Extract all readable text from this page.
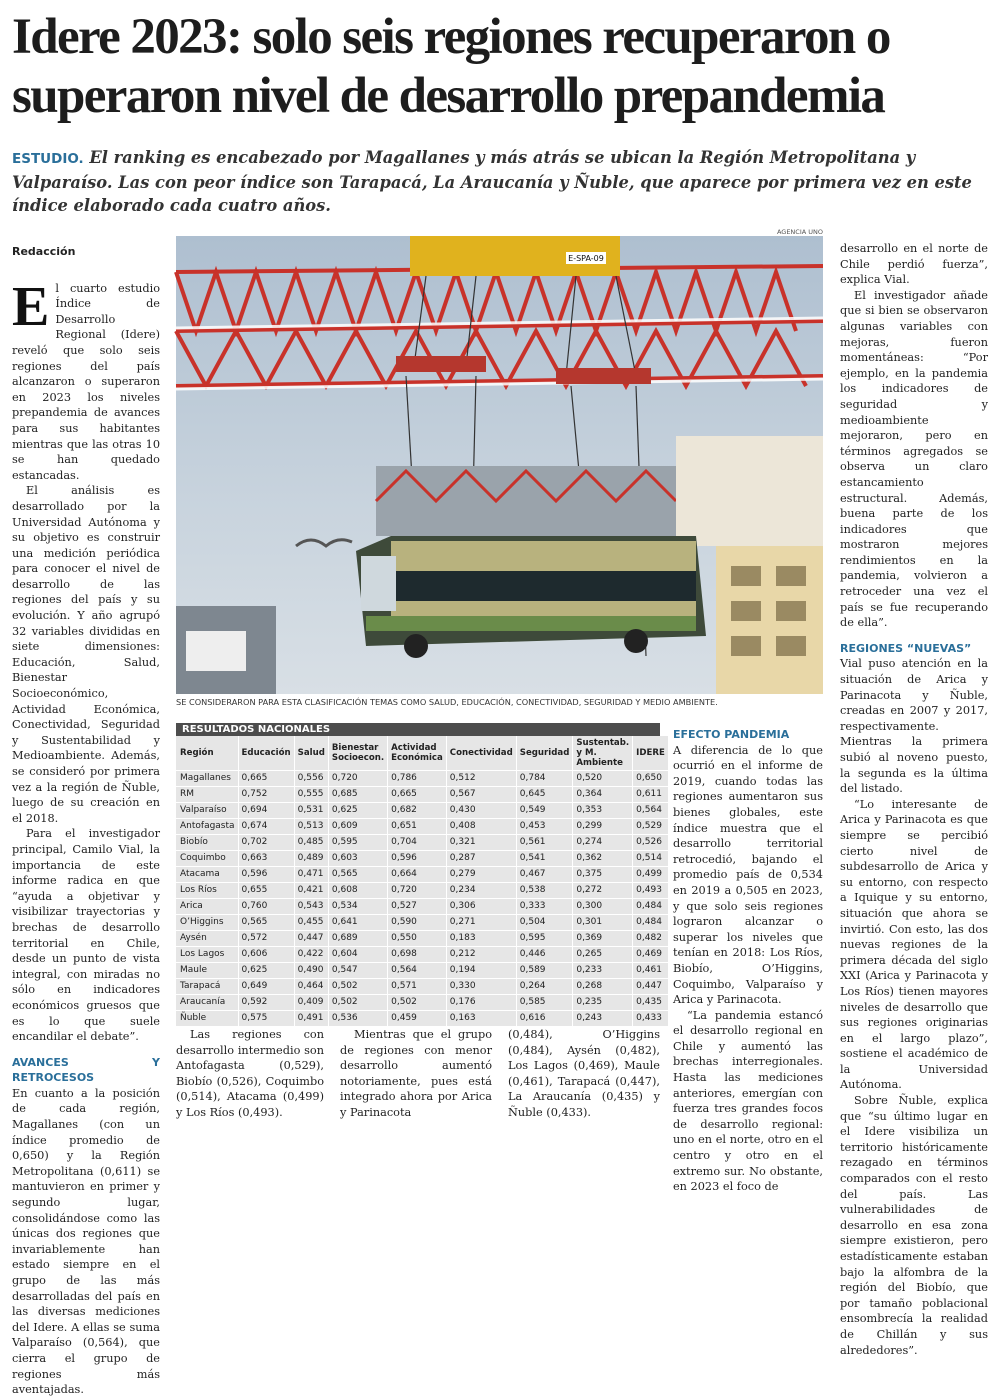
Idere 2023: solo seis regiones recuperaron o superaron nivel de desarrollo prepandemia
ESTUDIO. El ranking es encabezado por Magallanes y más atrás se ubican la Región Metropolitana y Valparaíso. Las con peor índice son Tarapacá, La Araucanía y Ñuble, que aparece por primera vez en este índice elaborado cada cuatro años.
Redacción

El cuarto estudio Índice de Desarrollo Regional (Idere) reveló que solo seis regiones del país alcanzaron o superaron en 2023 los niveles prepandemia de avances para sus habitantes mientras que las otras 10 se han quedado estancadas.

El análisis es desarrollado por la Universidad Autónoma y su objetivo es construir una medición periódica para conocer el nivel de desarrollo de las regiones del país y su evolución. Y año agrupó 32 variables divididas en siete dimensiones: Educación, Salud, Bienestar Socioeconómico, Actividad Económica, Conectividad, Seguridad y Sustentabilidad y Medioambiente. Además, se consideró por primera vez a la región de Ñuble, luego de su creación en el 2018.

Para el investigador principal, Camilo Vial, la importancia de este informe radica en que “ayuda a objetivar y visibilizar trayectorias y brechas de desarrollo territorial en Chile, desde un punto de vista integral, con miradas no sólo en indicadores económicos gruesos que es lo que suele encandilar el debate”.

AVANCES Y RETROCESOS

En cuanto a la posición de cada región, Magallanes (con un índice promedio de 0,650) y la Región Metropolitana (0,611) se mantuvieron en primer y segundo lugar, consolidándose como las únicas dos regiones que invariablemente han estado siempre en el grupo de las más desarrolladas del país en las diversas mediciones del Idere. A ellas se suma Valparaíso (0,564), que cierra el grupo de regiones más aventajadas.

AGENCIA UNO
E-SPA-09
SE CONSIDERARON PARA ESTA CLASIFICACIÓN TEMAS COMO SALUD, EDUCACIÓN, CONECTIVIDAD, SEGURIDAD Y MEDIO AMBIENTE.
RESULTADOS NACIONALES
Región	Educación	Salud	Bienestar Socioecon.	Actividad Económica	Conectividad	Seguridad	Sustentab. y M. Ambiente	IDERE
Magallanes	0,665	0,556	0,720	0,786	0,512	0,784	0,520	0,650
RM	0,752	0,555	0,685	0,665	0,567	0,645	0,364	0,611
Valparaíso	0,694	0,531	0,625	0,682	0,430	0,549	0,353	0,564
Antofagasta	0,674	0,513	0,609	0,651	0,408	0,453	0,299	0,529
Biobío	0,702	0,485	0,595	0,704	0,321	0,561	0,274	0,526
Coquimbo	0,663	0,489	0,603	0,596	0,287	0,541	0,362	0,514
Atacama	0,596	0,471	0,565	0,664	0,279	0,467	0,375	0,499
Los Ríos	0,655	0,421	0,608	0,720	0,234	0,538	0,272	0,493
Arica	0,760	0,543	0,534	0,527	0,306	0,333	0,300	0,484
O’Higgins	0,565	0,455	0,641	0,590	0,271	0,504	0,301	0,484
Aysén	0,572	0,447	0,689	0,550	0,183	0,595	0,369	0,482
Los Lagos	0,606	0,422	0,604	0,698	0,212	0,446	0,265	0,469
Maule	0,625	0,490	0,547	0,564	0,194	0,589	0,233	0,461
Tarapacá	0,649	0,464	0,502	0,571	0,330	0,264	0,268	0,447
Araucanía	0,592	0,409	0,502	0,502	0,176	0,585	0,235	0,435
Ñuble	0,575	0,491	0,536	0,459	0,163	0,616	0,243	0,433

Las regiones con desarrollo intermedio son Antofagasta (0,529), Biobío (0,526), Coquimbo (0,514), Atacama (0,499) y Los Ríos (0,493).

Mientras que el grupo de regiones con menor desarrollo aumentó notoriamente, pues está integrado ahora por Arica y Parinacota

(0,484), O’Higgins (0,484), Aysén (0,482), Los Lagos (0,469), Maule (0,461), Tarapacá (0,447), La Araucanía (0,435) y Ñuble (0,433).

EFECTO PANDEMIA

A diferencia de lo que ocurrió en el informe de 2019, cuando todas las regiones aumentaron sus bienes globales, este índice muestra que el desarrollo territorial retrocedió, bajando el promedio país de 0,534 en 2019 a 0,505 en 2023, y que solo seis regiones lograron alcanzar o superar los niveles que tenían en 2018: Los Ríos, Biobío, O’Higgins, Coquimbo, Valparaíso y Arica y Parinacota.

“La pandemia estancó el desarrollo regional en Chile y aumentó las brechas interregionales. Hasta las mediciones anteriores, emergían con fuerza tres grandes focos de desarrollo regional: uno en el norte, otro en el centro y otro en el extremo sur. No obstante, en 2023 el foco de

desarrollo en el norte de Chile perdió fuerza”, explica Vial.

El investigador añade que si bien se observaron algunas variables con mejoras, fueron momentáneas: “Por ejemplo, en la pandemia los indicadores de seguridad y medioambiente mejoraron, pero en términos agregados se observa un claro estancamiento estructural. Además, buena parte de los indicadores que mostraron mejores rendimientos en la pandemia, volvieron a retroceder una vez el país se fue recuperando de ella”.

REGIONES “NUEVAS”

Vial puso atención en la situación de Arica y Parinacota y Ñuble, creadas en 2007 y 2017, respectivamente. Mientras la primera subió al noveno puesto, la segunda es la última del listado.

“Lo interesante de Arica y Parinacota es que siempre se percibió cierto nivel de subdesarrollo de Arica y su entorno, con respecto a Iquique y su entorno, situación que ahora se invirtió. Con esto, las dos nuevas regiones de la primera década del siglo XXI (Arica y Parinacota y Los Ríos) tienen mayores niveles de desarrollo que sus regiones originarias en el largo plazo”, sostiene el académico de la Universidad Autónoma.

Sobre Ñuble, explica que “su último lugar en el Idere visibiliza un territorio históricamente rezagado en términos comparados con el resto del país. Las vulnerabilidades de desarrollo en esa zona siempre existieron, pero estadísticamente estaban bajo la alfombra de la región del Biobío, que por tamaño poblacional ensombrecía la realidad de Chillán y sus alrededores”.
